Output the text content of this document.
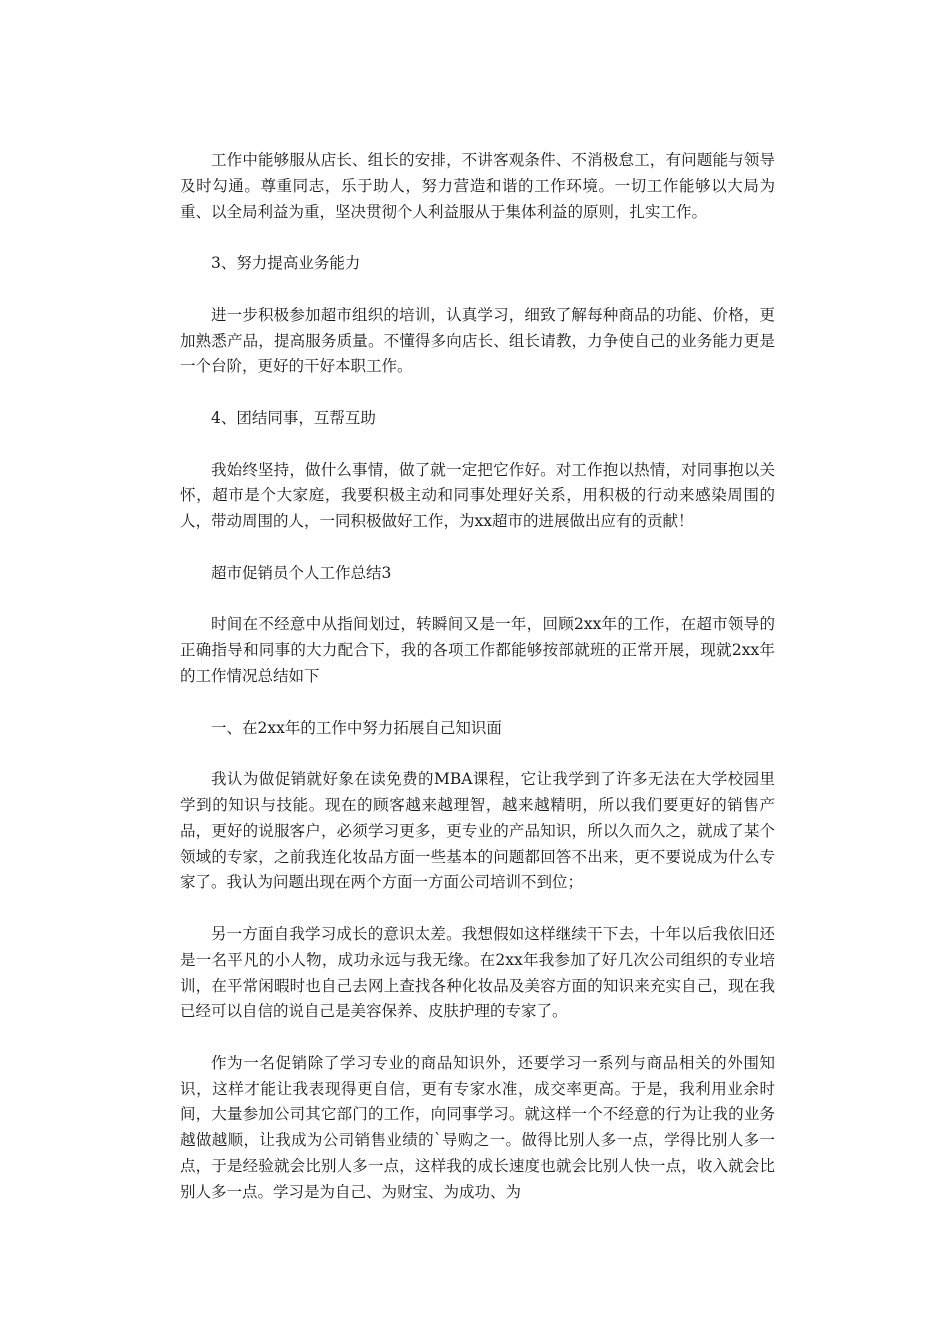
工作中能够服从店长、组长的安排，不讲客观条件、不消极怠工，有问题能与领导及时勾通。尊重同志，乐于助人，努力营造和谐的工作环境。一切工作能够以大局为重、以全局利益为重，坚决贯彻个人利益服从于集体利益的原则，扎实工作。

3、努力提高业务能力

进一步积极参加超市组织的培训，认真学习，细致了解每种商品的功能、价格，更加熟悉产品，提高服务质量。不懂得多向店长、组长请教，力争使自己的业务能力更是一个台阶，更好的干好本职工作。

4、团结同事，互帮互助

我始终坚持，做什么事情，做了就一定把它作好。对工作抱以热情，对同事抱以关怀，超市是个大家庭，我要积极主动和同事处理好关系，用积极的行动来感染周围的人，带动周围的人，一同积极做好工作，为xx超市的进展做出应有的贡献！

超市促销员个人工作总结3

时间在不经意中从指间划过，转瞬间又是一年，回顾2xx年的工作，在超市领导的正确指导和同事的大力配合下，我的各项工作都能够按部就班的正常开展，现就2xx年的工作情况总结如下

一、在2xx年的工作中努力拓展自己知识面

我认为做促销就好象在读免费的MBA课程，它让我学到了许多无法在大学校园里学到的知识与技能。现在的顾客越来越理智，越来越精明，所以我们要更好的销售产品，更好的说服客户，必须学习更多，更专业的产品知识，所以久而久之，就成了某个领域的专家，之前我连化妆品方面一些基本的问题都回答不出来，更不要说成为什么专家了。我认为问题出现在两个方面一方面公司培训不到位；

另一方面自我学习成长的意识太差。我想假如这样继续干下去，十年以后我依旧还是一名平凡的小人物，成功永远与我无缘。在2xx年我参加了好几次公司组织的专业培训，在平常闲暇时也自己去网上查找各种化妆品及美容方面的知识来充实自己，现在我已经可以自信的说自己是美容保养、皮肤护理的专家了。

作为一名促销除了学习专业的商品知识外，还要学习一系列与商品相关的外围知识，这样才能让我表现得更自信，更有专家水准，成交率更高。于是，我利用业余时间，大量参加公司其它部门的工作，向同事学习。就这样一个不经意的行为让我的业务越做越顺，让我成为公司销售业绩的`导购之一。做得比别人多一点，学得比别人多一点，于是经验就会比别人多一点，这样我的成长速度也就会比别人快一点，收入就会比别人多一点。学习是为自己、为财宝、为成功、为
